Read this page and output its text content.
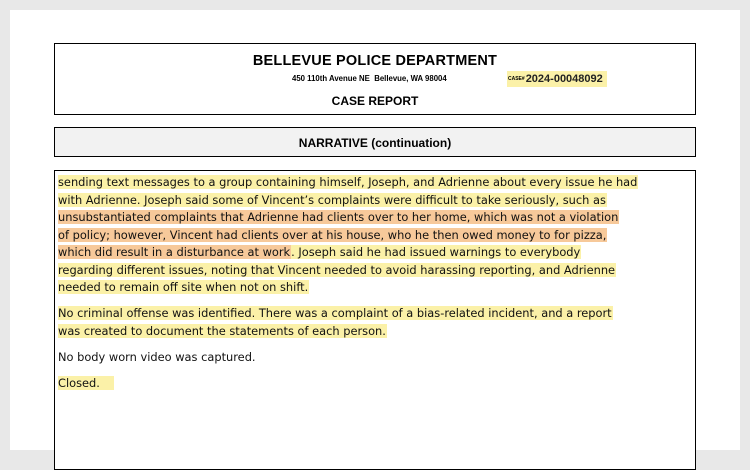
BELLEVUE POLICE DEPARTMENT
450 110th Avenue NE  Bellevue, WA 98004	CASE# 2024-00048092
CASE REPORT
NARRATIVE (continuation)
sending text messages to a group containing himself, Joseph, and Adrienne about every issue he had
with Adrienne. Joseph said some of Vincent’s complaints were difficult to take seriously, such as
unsubstantiated complaints that Adrienne had clients over to her home, which was not a violation
of policy; however, Vincent had clients over at his house, who he then owed money to for pizza,
which did result in a disturbance at work. Joseph said he had issued warnings to everybody
regarding different issues, noting that Vincent needed to avoid harassing reporting, and Adrienne
needed to remain off site when not on shift.
No criminal offense was identified. There was a complaint of a bias-related incident, and a report
was created to document the statements of each person.
No body worn video was captured.
Closed.
